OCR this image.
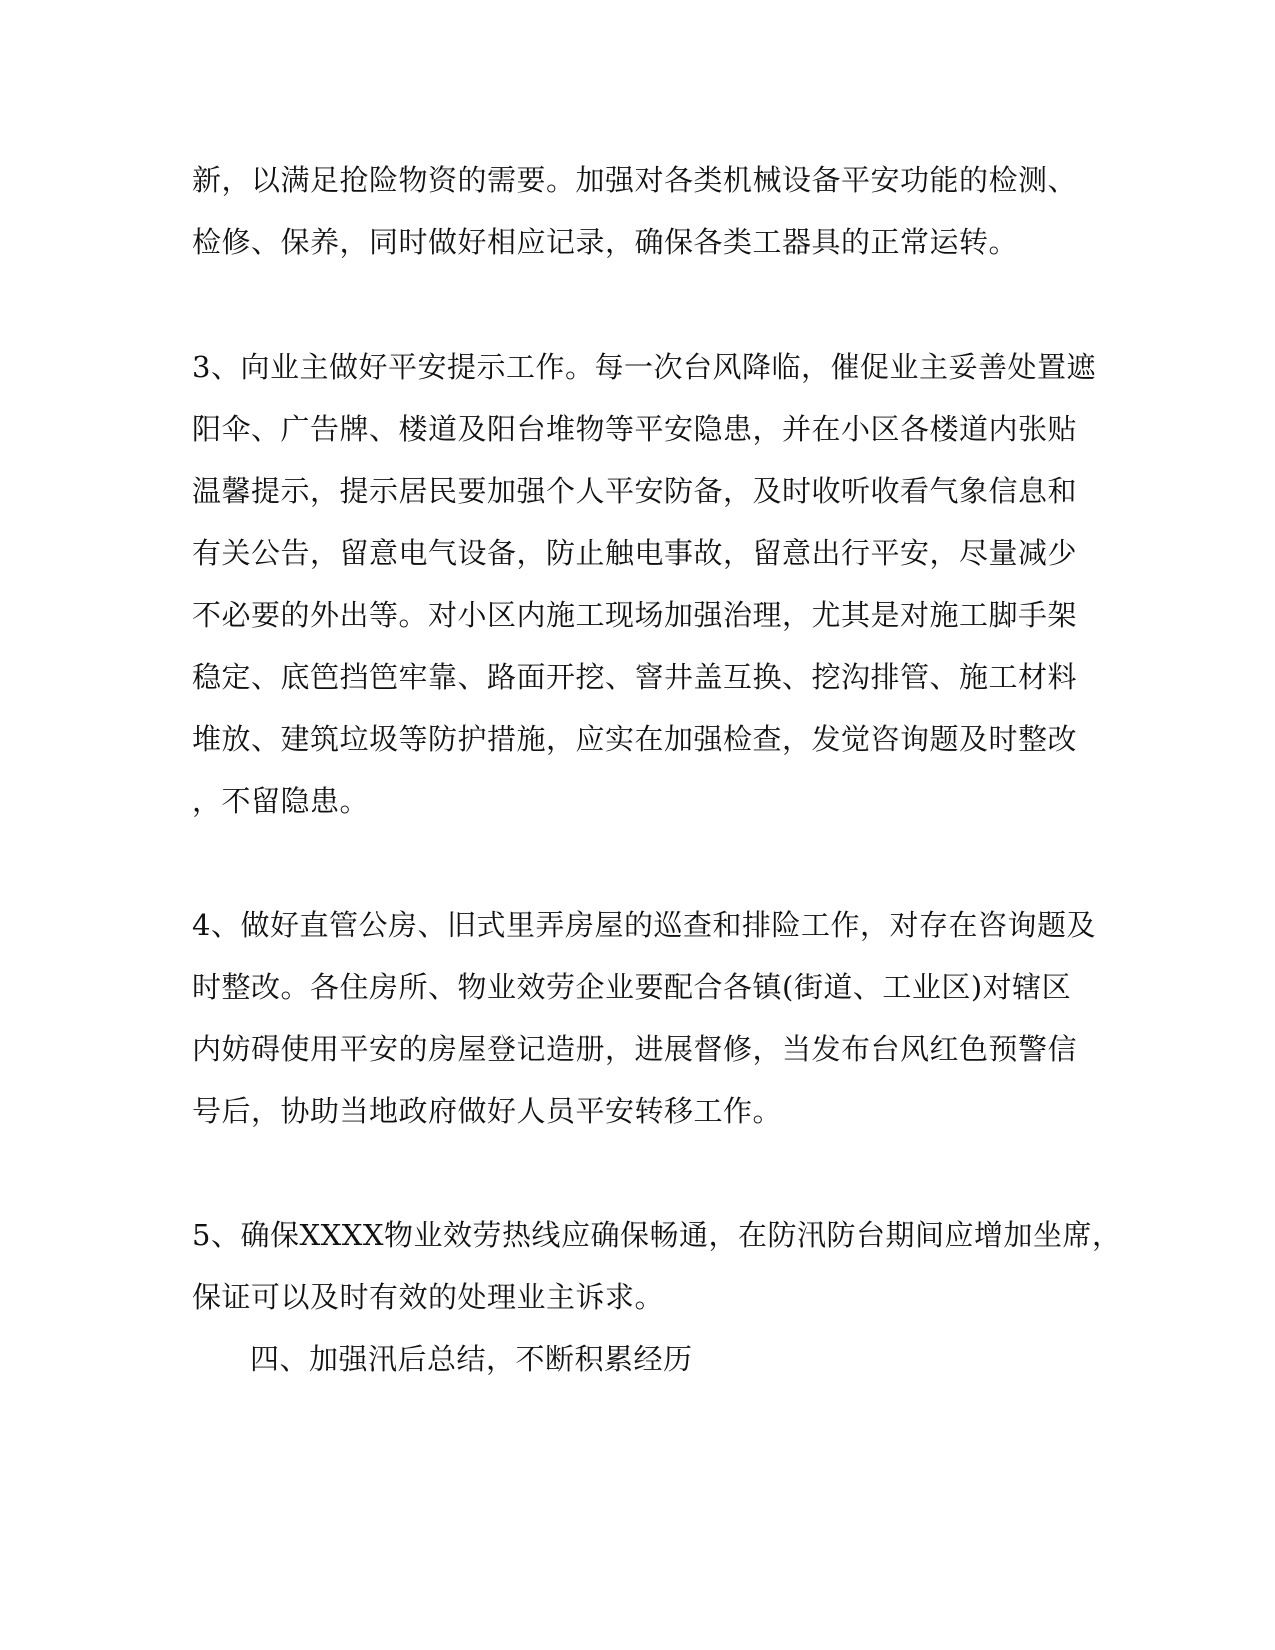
新，以满足抢险物资的需要。加强对各类机械设备平安功能的检测、
检修、保养，同时做好相应记录，确保各类工器具的正常运转。
3、向业主做好平安提示工作。每一次台风降临，催促业主妥善处置遮
阳伞、广告牌、楼道及阳台堆物等平安隐患，并在小区各楼道内张贴
温馨提示，提示居民要加强个人平安防备，及时收听收看气象信息和
有关公告，留意电气设备，防止触电事故，留意出行平安，尽量减少
不必要的外出等。对小区内施工现场加强治理，尤其是对施工脚手架
稳定、底笆挡笆牢靠、路面开挖、窨井盖互换、挖沟排管、施工材料
堆放、建筑垃圾等防护措施，应实在加强检查，发觉咨询题及时整改
，不留隐患。
4、做好直管公房、旧式里弄房屋的巡查和排险工作，对存在咨询题及
时整改。各住房所、物业效劳企业要配合各镇(街道、工业区)对辖区
内妨碍使用平安的房屋登记造册，进展督修，当发布台风红色预警信
号后，协助当地政府做好人员平安转移工作。
5、确保XXXX物业效劳热线应确保畅通，在防汛防台期间应增加坐席，
保证可以及时有效的处理业主诉求。
四、加强汛后总结，不断积累经历
